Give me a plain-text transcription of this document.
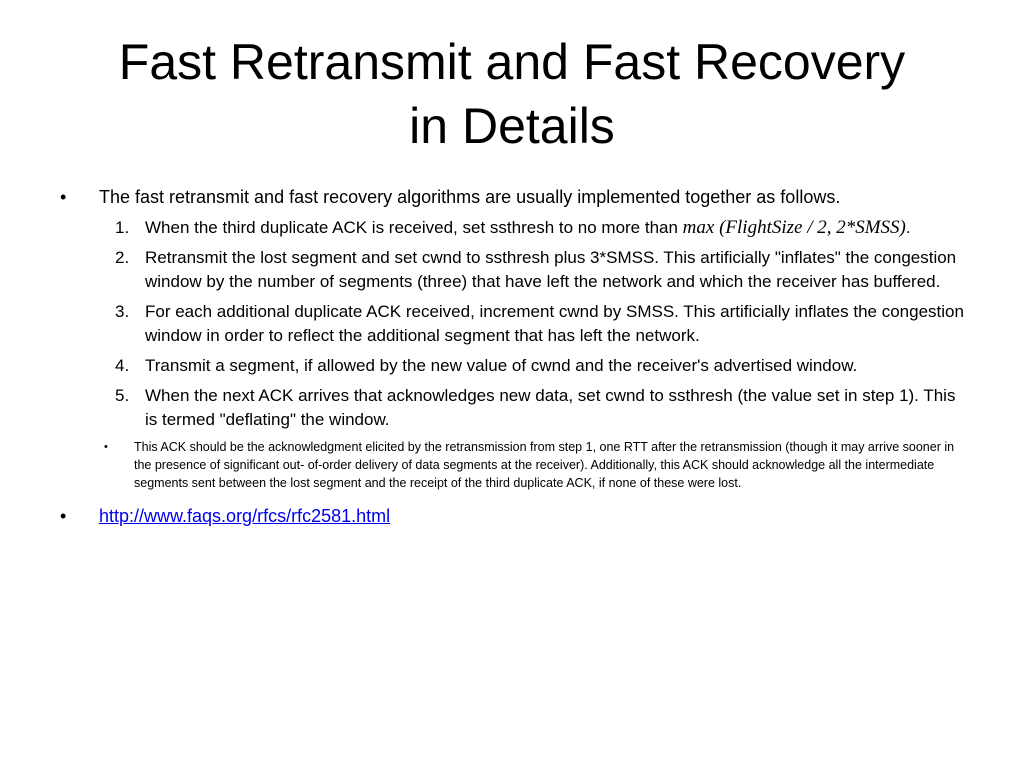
Fast Retransmit and Fast Recovery
in Details

• The fast retransmit and fast recovery algorithms are usually implemented together as follows.

1. When the third duplicate ACK is received, set ssthresh to no more than max (FlightSize / 2, 2*SMSS).
2. Retransmit the lost segment and set cwnd to ssthresh plus 3*SMSS. This artificially "inflates" the congestion window by the number of segments (three) that have left the network and which the receiver has buffered.
3. For each additional duplicate ACK received, increment cwnd by SMSS. This artificially inflates the congestion window in order to reflect the additional segment that has left the network.
4. Transmit a segment, if allowed by the new value of cwnd and the receiver's advertised window.
5. When the next ACK arrives that acknowledges new data, set cwnd to ssthresh (the value set in step 1). This is termed "deflating" the window.

• This ACK should be the acknowledgment elicited by the retransmission from step 1, one RTT after the retransmission (though it may arrive sooner in the presence of significant out- of-order delivery of data segments at the receiver). Additionally, this ACK should acknowledge all the intermediate segments sent between the lost segment and the receipt of the third duplicate ACK, if none of these were lost.

• http://www.faqs.org/rfcs/rfc2581.html
